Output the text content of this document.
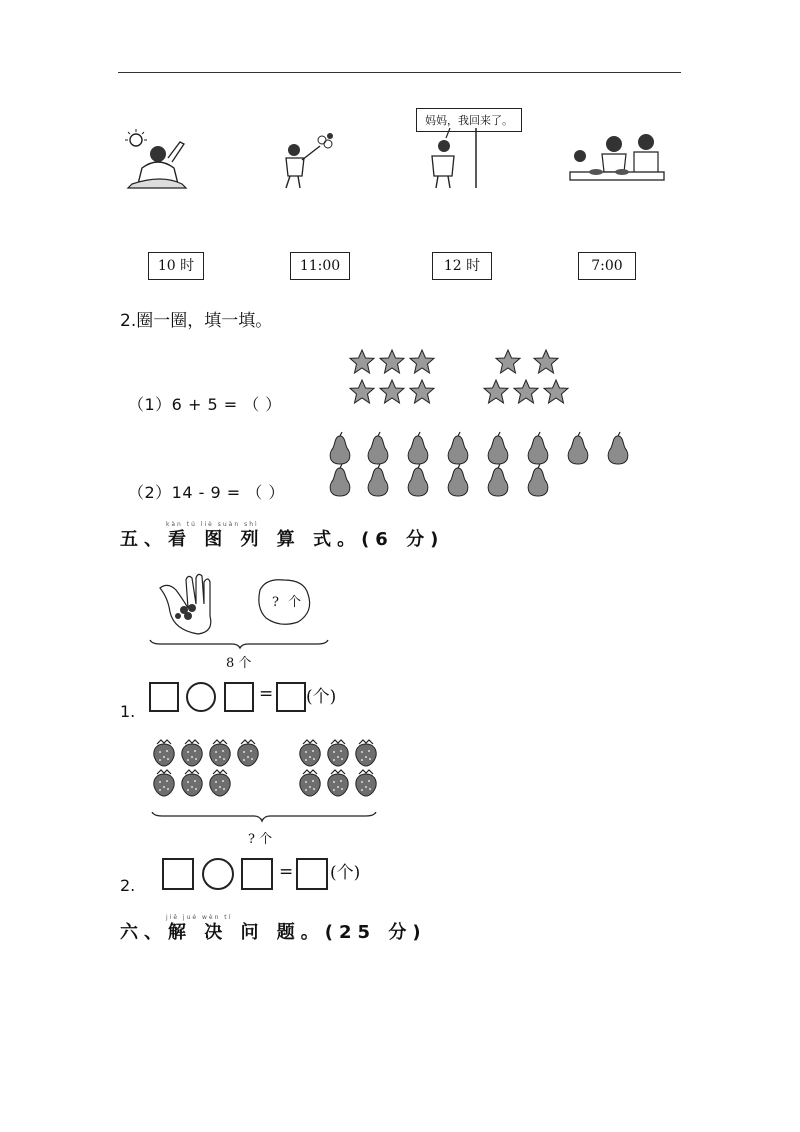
妈妈，我回来了。
10 时	11:00	12 时	7:00
2.圈一圈，填一填。
（1）6 + 5 = （ ）
（2）14 - 9 = （ ）
kàn tú liè suàn shì
五、看 图 列 算 式。(6 分)
? 个
8 个
1.
= (个)
? 个
2.
= (个)
jiě jué wèn tí
六、解 决 问 题。(25 分)
